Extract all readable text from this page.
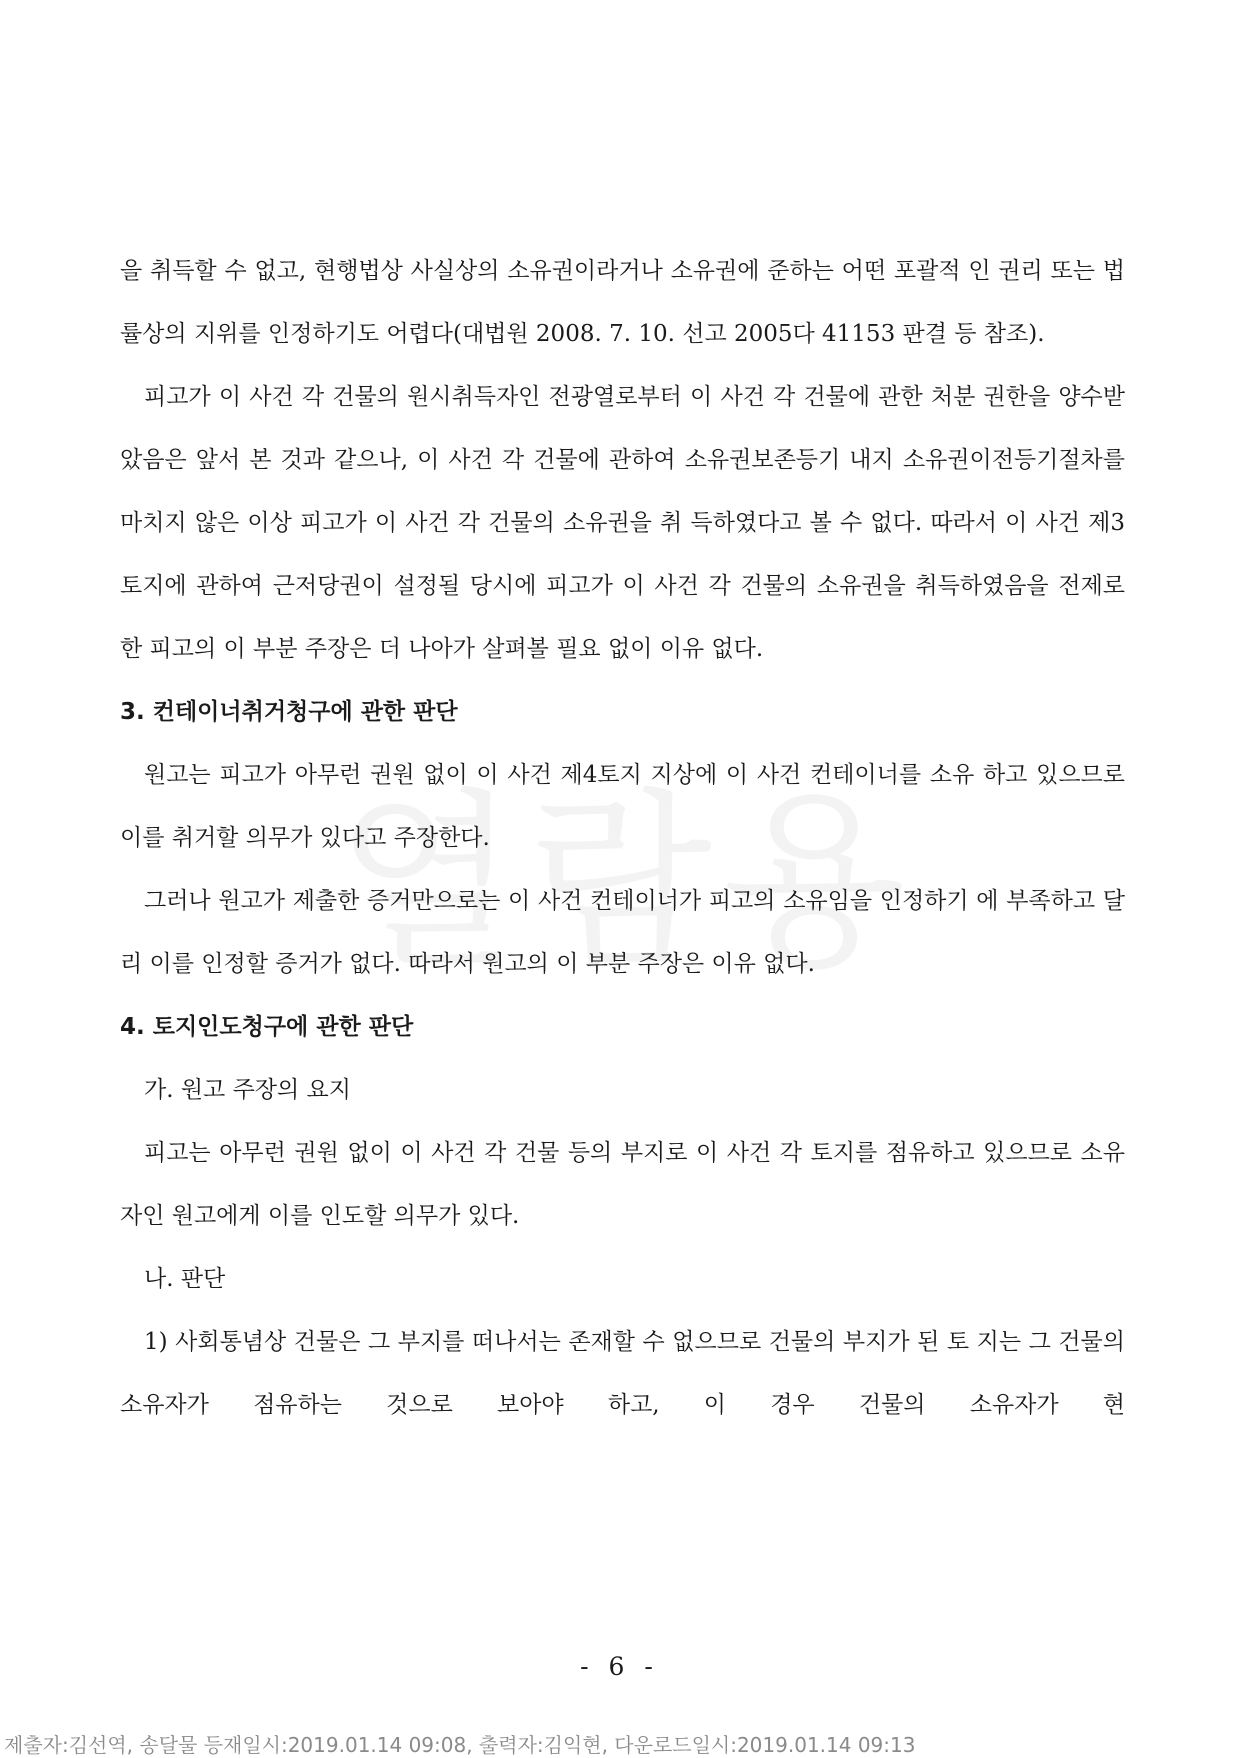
을 취득할 수 없고, 현행법상 사실상의 소유권이라거나 소유권에 준하는 어떤 포괄적 인 권리 또는 법률상의 지위를 인정하기도 어렵다(대법원 2008. 7. 10. 선고 2005다 41153 판결 등 참조).

피고가 이 사건 각 건물의 원시취득자인 전광열로부터 이 사건 각 건물에 관한 처분 권한을 양수받았음은 앞서 본 것과 같으나, 이 사건 각 건물에 관하여 소유권보존등기 내지 소유권이전등기절차를 마치지 않은 이상 피고가 이 사건 각 건물의 소유권을 취 득하였다고 볼 수 없다. 따라서 이 사건 제3토지에 관하여 근저당권이 설정될 당시에 피고가 이 사건 각 건물의 소유권을 취득하였음을 전제로 한 피고의 이 부분 주장은 더 나아가 살펴볼 필요 없이 이유 없다.

3. 컨테이너취거청구에 관한 판단

원고는 피고가 아무런 권원 없이 이 사건 제4토지 지상에 이 사건 컨테이너를 소유 하고 있으므로 이를 취거할 의무가 있다고 주장한다.

그러나 원고가 제출한 증거만으로는 이 사건 컨테이너가 피고의 소유임을 인정하기 에 부족하고 달리 이를 인정할 증거가 없다. 따라서 원고의 이 부분 주장은 이유 없다.

4. 토지인도청구에 관한 판단

가. 원고 주장의 요지

피고는 아무런 권원 없이 이 사건 각 건물 등의 부지로 이 사건 각 토지를 점유하고 있으므로 소유자인 원고에게 이를 인도할 의무가 있다.

나. 판단

1) 사회통념상 건물은 그 부지를 떠나서는 존재할 수 없으므로 건물의 부지가 된 토 지는 그 건물의 소유자가 점유하는 것으로 보아야 하고, 이 경우 건물의 소유자가 현

- 6 -
제출자:김선역, 송달물 등재일시:2019.01.14 09:08, 출력자:김익현, 다운로드일시:2019.01.14 09:13
